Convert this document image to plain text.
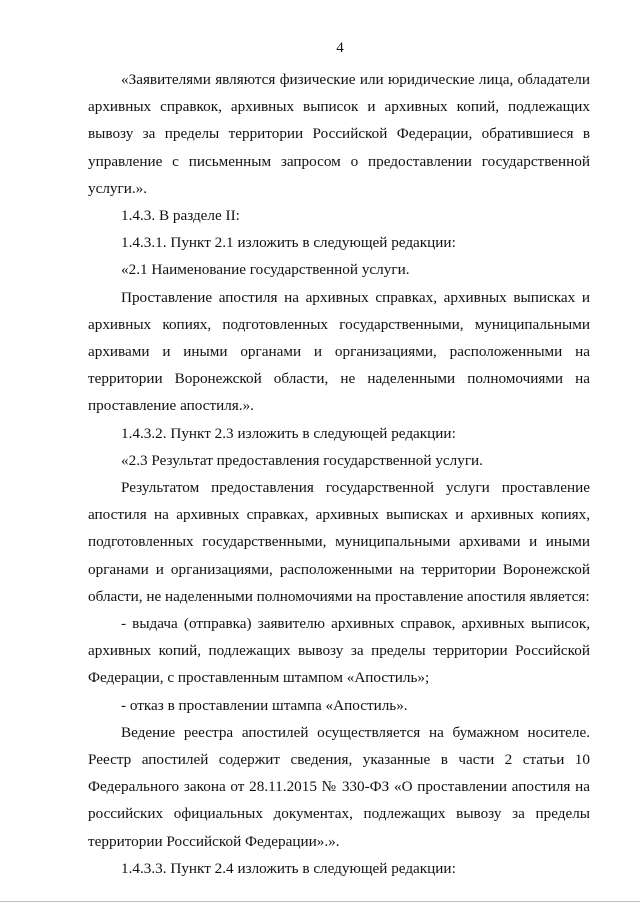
4

«Заявителями являются физические или юридические лица, обладатели архивных справкок, архивных выписок и архивных копий, подлежащих вывозу за пределы территории Российской Федерации, обратившиеся в управление с письменным запросом о предоставлении государственной услуги.».

1.4.3. В разделе II:

1.4.3.1. Пункт 2.1 изложить в следующей редакции:

«2.1 Наименование государственной услуги.

Проставление апостиля на архивных справках, архивных выписках и архивных копиях, подготовленных государственными, муниципальными архивами и иными органами и организациями, расположенными на территории Воронежской области, не наделенными полномочиями на проставление апостиля.».

1.4.3.2. Пункт 2.3 изложить в следующей редакции:

«2.3 Результат предоставления государственной услуги.

Результатом предоставления государственной услуги проставление апостиля на архивных справках, архивных выписках и архивных копиях, подготовленных государственными, муниципальными архивами и иными органами и организациями, расположенными на территории Воронежской области, не наделенными полномочиями на проставление апостиля является:

- выдача (отправка) заявителю архивных справок, архивных выписок, архивных копий, подлежащих вывозу за пределы территории Российской Федерации, с проставленным штампом «Апостиль»;

- отказ в проставлении штампа «Апостиль».

Ведение реестра апостилей осуществляется на бумажном носителе. Реестр апостилей содержит сведения, указанные в части 2 статьи 10 Федерального закона от 28.11.2015 № 330-ФЗ «О проставлении апостиля на российских официальных документах, подлежащих вывозу за пределы территории Российской Федерации».».

1.4.3.3. Пункт 2.4 изложить в следующей редакции:
